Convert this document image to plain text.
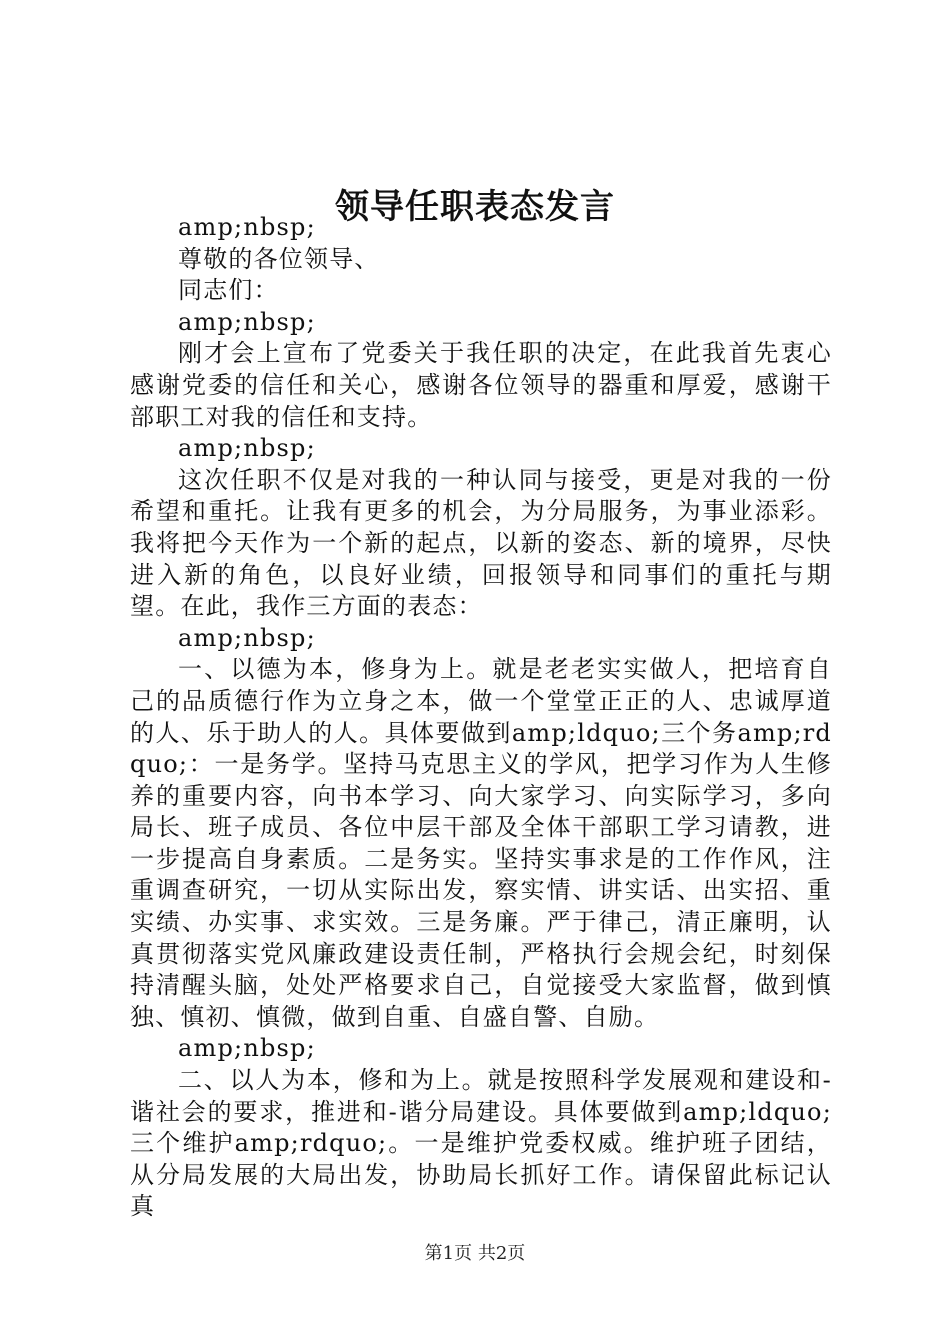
领导任职表态发言

amp;nbsp;

尊敬的各位领导、

同志们：

amp;nbsp;

刚才会上宣布了党委关于我任职的决定，在此我首先衷心感谢党委的信任和关心，感谢各位领导的器重和厚爱，感谢干部职工对我的信任和支持。

amp;nbsp;

这次任职不仅是对我的一种认同与接受，更是对我的一份希望和重托。让我有更多的机会，为分局服务，为事业添彩。我将把今天作为一个新的起点，以新的姿态、新的境界，尽快进入新的角色，以良好业绩，回报领导和同事们的重托与期望。在此，我作三方面的表态：

amp;nbsp;

一、以德为本，修身为上。就是老老实实做人，把培育自己的品质德行作为立身之本，做一个堂堂正正的人、忠诚厚道的人、乐于助人的人。具体要做到amp;ldquo;三个务amp;rdquo;：一是务学。坚持马克思主义的学风，把学习作为人生修养的重要内容，向书本学习、向大家学习、向实际学习，多向局长、班子成员、各位中层干部及全体干部职工学习请教，进一步提高自身素质。二是务实。坚持实事求是的工作作风，注重调查研究，一切从实际出发，察实情、讲实话、出实招、重实绩、办实事、求实效。三是务廉。严于律己，清正廉明，认真贯彻落实党风廉政建设责任制，严格执行会规会纪，时刻保持清醒头脑，处处严格要求自己，自觉接受大家监督，做到慎独、慎初、慎微，做到自重、自盛自警、自励。

amp;nbsp;

二、以人为本，修和为上。就是按照科学发展观和建设和-谐社会的要求，推进和-谐分局建设。具体要做到amp;ldquo;三个维护amp;rdquo;。一是维护党委权威。维护班子团结，从分局发展的大局出发，协助局长抓好工作。请保留此标记认真

第1页 共2页
